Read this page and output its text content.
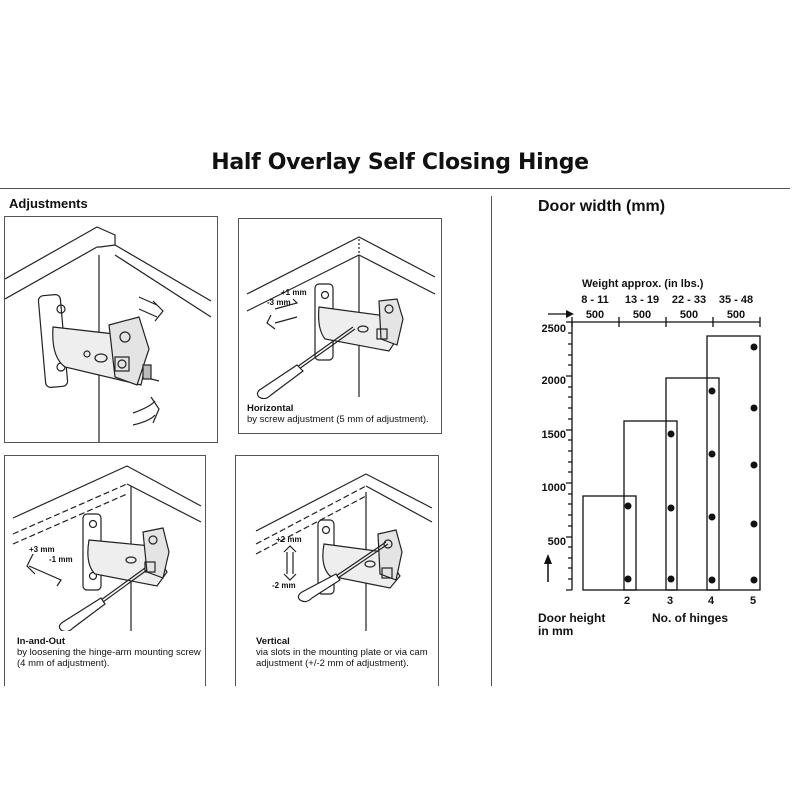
Half Overlay Self Closing Hinge
Adjustments
-3 mm
+1 mm
Horizontal
by screw adjustment (5 mm of adjustment).
+3 mm
-1 mm
In-and-Out
by loosening the hinge-arm mounting screw
(4 mm of adjustment).
+2 mm
-2 mm
Vertical
via slots in the mounting plate or via cam
adjustment (+/-2 mm of adjustment).
Door width (mm)
Weight approx. (in lbs.)
8 - 11 13 - 19 22 - 33 35 - 48
500	500	500	500
2500
2000
1500
1000
500
2	3	4	5
Door height	No. of hinges
in mm
